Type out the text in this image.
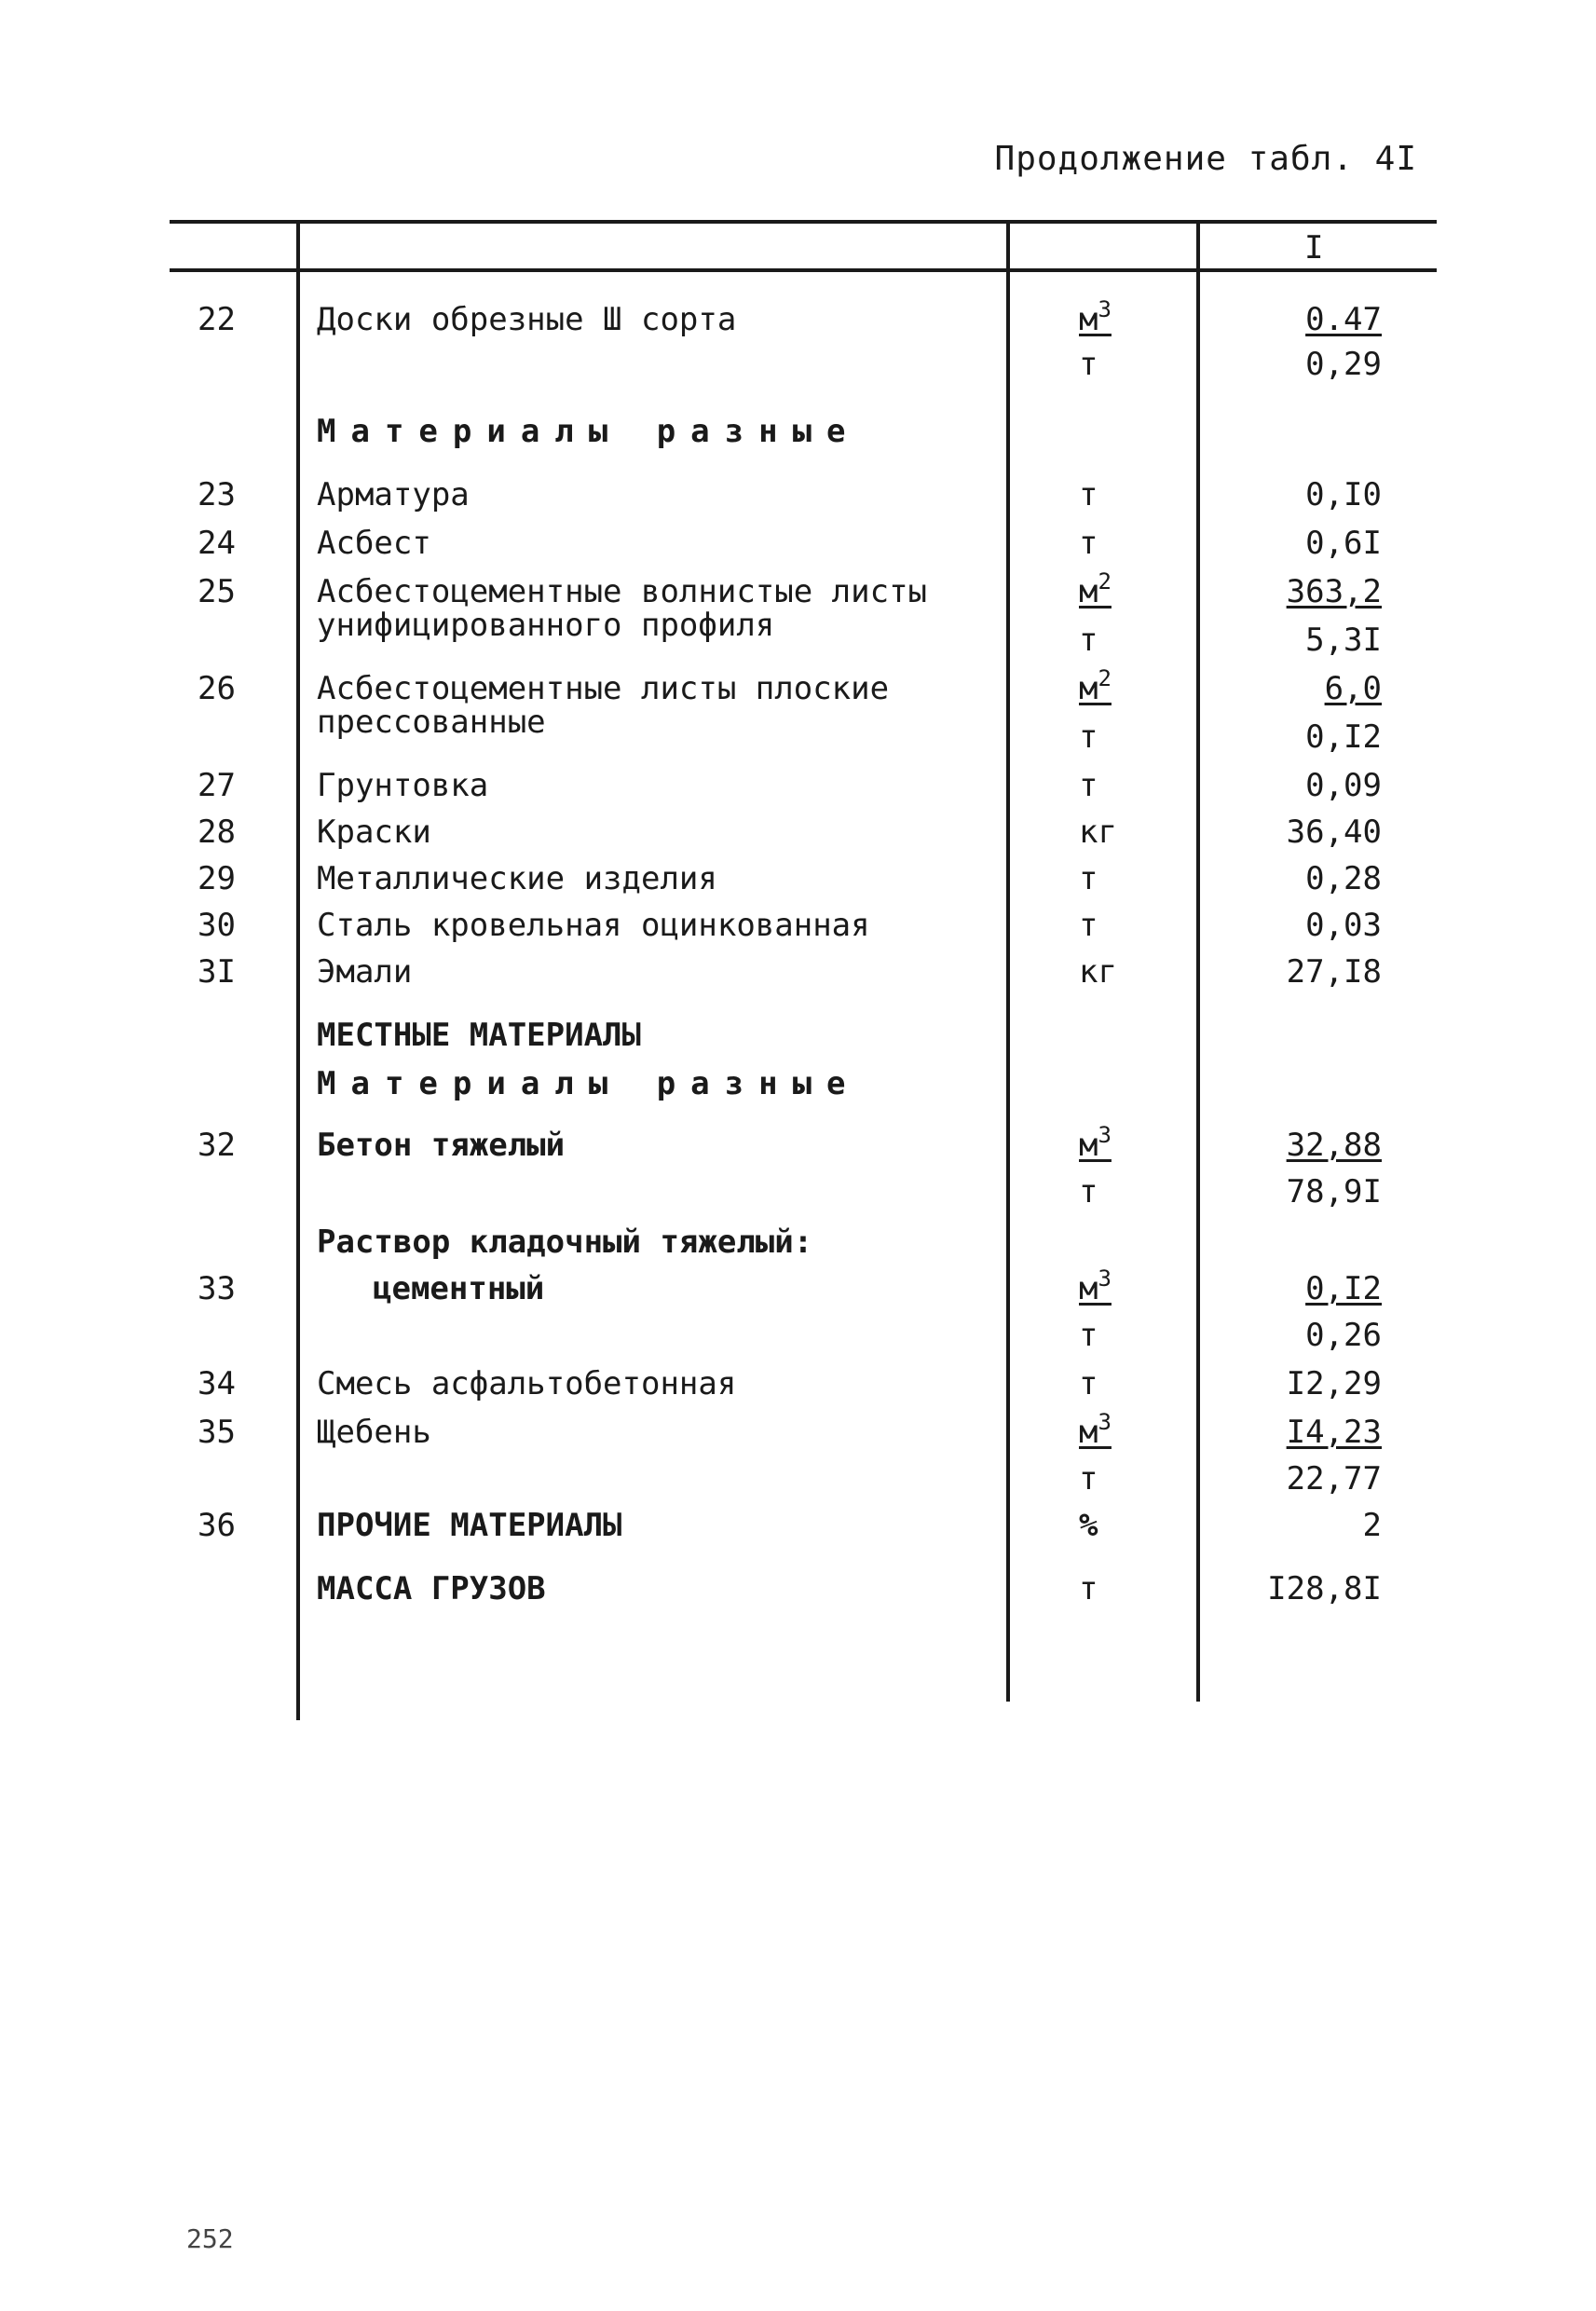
Продолжение табл. 4I
I
22	Доски обрезные Ш сорта	$м^3$	0.47
т	0,29
Материалы разные
23	Арматура	т	0,I0
24	Асбест	т	0,6I
25	Асбестоцементные волнистые листы
унифицированного профиля
$м^2$	363,2
т	5,3I
26	Асбестоцементные листы плоские
прессованные
$м^2$	6,0
т	0,I2
27	Грунтовка	т	0,09
28	Краски	кг	36,40
29	Металлические изделия	т	0,28
30	Сталь кровельная оцинкованная	т	0,03
3I	Эмали	кг	27,I8
МЕСТНЫЕ МАТЕРИАЛЫ
Материалы разные
32	Бетон тяжелый	$м^3$	32,88
т	78,9I
Раствор кладочный тяжелый:
33	цементный	$м^3$	0,I2
т	0,26
34	Смесь асфальтобетонная	т	I2,29
35	Щебень	$м^3$	I4,23
т	22,77
36	ПРОЧИЕ МАТЕРИАЛЫ	%	2
МАССА ГРУЗОВ	т	I28,8I
252
